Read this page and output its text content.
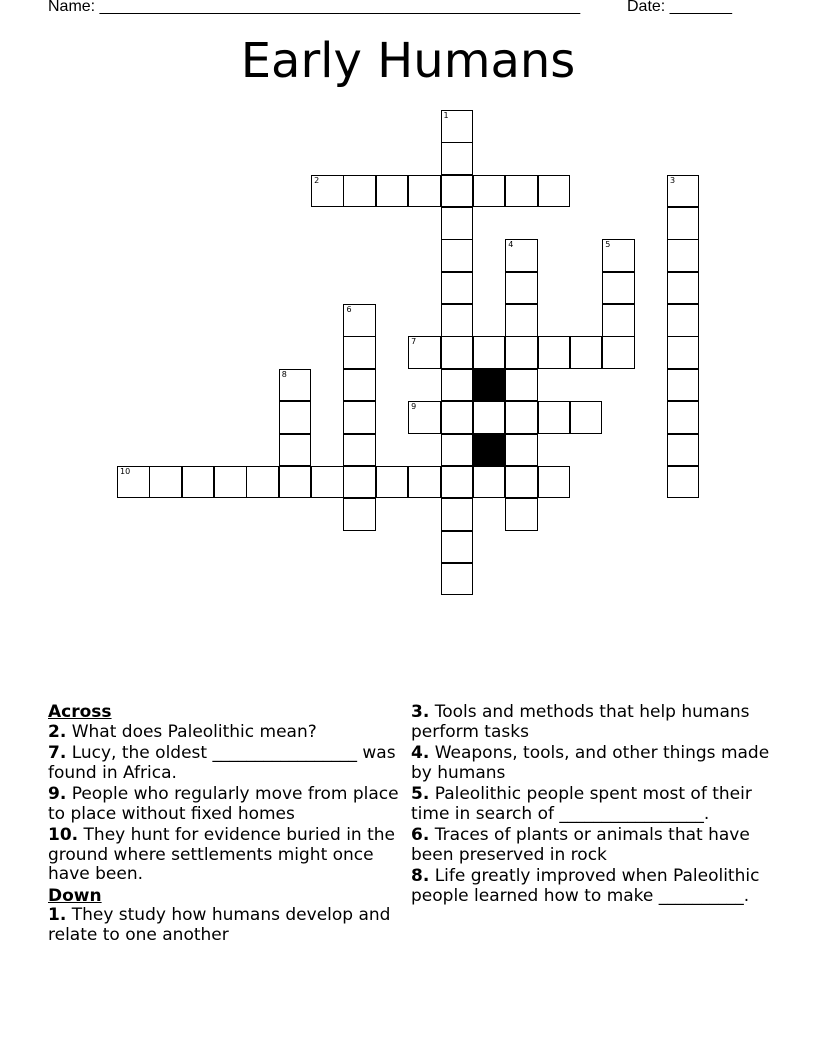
Name: ______________________________________________________	Date: _______
Early Humans
1
2	3
4	5
6
7
8
9
10
Across
2. What does Paleolithic mean?
7. Lucy, the oldest _________________ was found in Africa.
9. People who regularly move from place to place without fixed homes
10. They hunt for evidence buried in the ground where settlements might once have been.
Down
1. They study how humans develop and relate to one another
3. Tools and methods that help humans perform tasks
4. Weapons, tools, and other things made by humans
5. Paleolithic people spent most of their time in search of _________________.
6. Traces of plants or animals that have been preserved in rock
8. Life greatly improved when Paleolithic people learned how to make __________.
